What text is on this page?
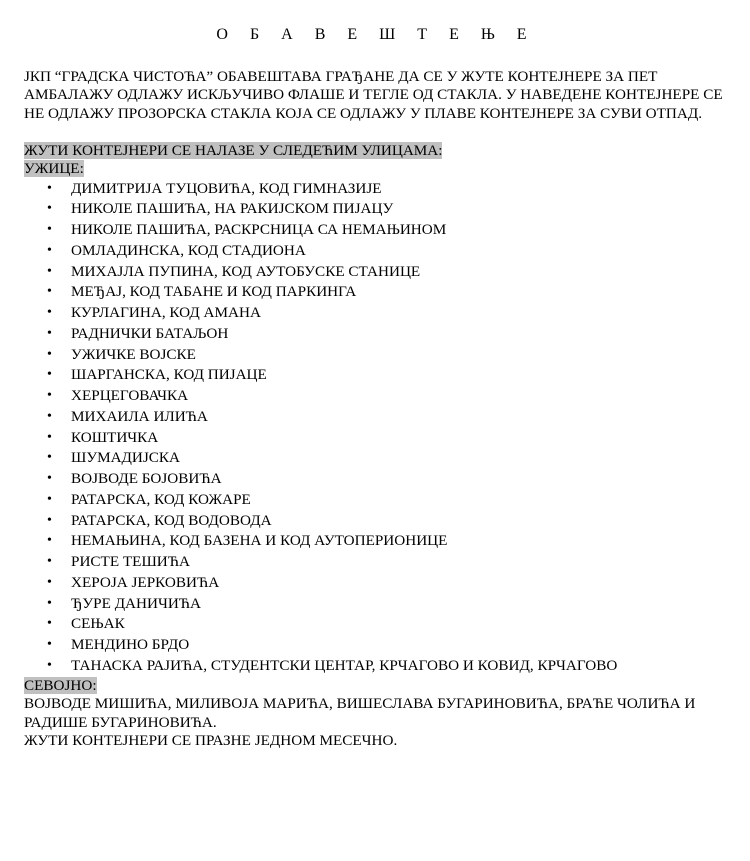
О Б А В Е Ш Т Е Њ Е

ЈКП “ГРАДСКА ЧИСТОЋА” ОБАВЕШТАВА ГРАЂАНЕ ДА СЕ У ЖУТЕ КОНТЕЈНЕРЕ ЗА ПЕТ АМБАЛАЖУ ОДЛАЖУ ИСКЉУЧИВО ФЛАШЕ И ТЕГЛЕ ОД СТАКЛА. У НАВЕДЕНЕ КОНТЕЈНЕРЕ СЕ НЕ ОДЛАЖУ ПРОЗОРСКА СТАКЛА КОЈА СЕ ОДЛАЖУ У ПЛАВЕ КОНТЕЈНЕРЕ ЗА СУВИ ОТПАД.

ЖУТИ КОНТЕЈНЕРИ СЕ НАЛАЗЕ У СЛЕДЕЋИМ УЛИЦАМА:
УЖИЦЕ:
• ДИМИТРИЈА ТУЦОВИЋА, КОД ГИМНАЗИЈЕ
• НИКОЛЕ ПАШИЋА, НА РАКИЈСКОМ ПИЈАЦУ
• НИКОЛЕ ПАШИЋА, РАСКРСНИЦА СА НЕМАЊИНОМ
• ОМЛАДИНСКА, КОД СТАДИОНА
• МИХАЈЛА ПУПИНА, КОД АУТОБУСКЕ СТАНИЦЕ
• МЕЂАЈ, КОД ТАБАНЕ И КОД ПАРКИНГА
• КУРЛАГИНА, КОД АМАНА
• РАДНИЧКИ БАТАЉОН
• УЖИЧКЕ ВОЈСКЕ
• ШАРГАНСКА, КОД ПИЈАЦЕ
• ХЕРЦЕГОВАЧКА
• МИХАИЛА ИЛИЋА
• КОШТИЧКА
• ШУМАДИЈСКА
• ВОЈВОДЕ БОЈОВИЋА
• РАТАРСКА, КОД КОЖАРЕ
• РАТАРСКА, КОД ВОДОВОДА
• НЕМАЊИНА, КОД БАЗЕНА И КОД АУТОПЕРИОНИЦЕ
• РИСТЕ ТЕШИЋА
• ХЕРОЈА ЈЕРКОВИЋА
• ЂУРЕ ДАНИЧИЋА
• СЕЊАК
• МЕНДИНО БРДО
• ТАНАСКА РАЈИЋА, СТУДЕНТСКИ ЦЕНТАР, КРЧАГОВО И КОВИД, КРЧАГОВО
СЕВОЈНО:

ВОЈВОДЕ МИШИЋА, МИЛИВОЈА МАРИЋА, ВИШЕСЛАВА БУГАРИНОВИЋА, БРАЋЕ ЧОЛИЋА И РАДИШЕ БУГАРИНОВИЋА.

ЖУТИ КОНТЕЈНЕРИ СЕ ПРАЗНЕ ЈЕДНОМ МЕСЕЧНО.
